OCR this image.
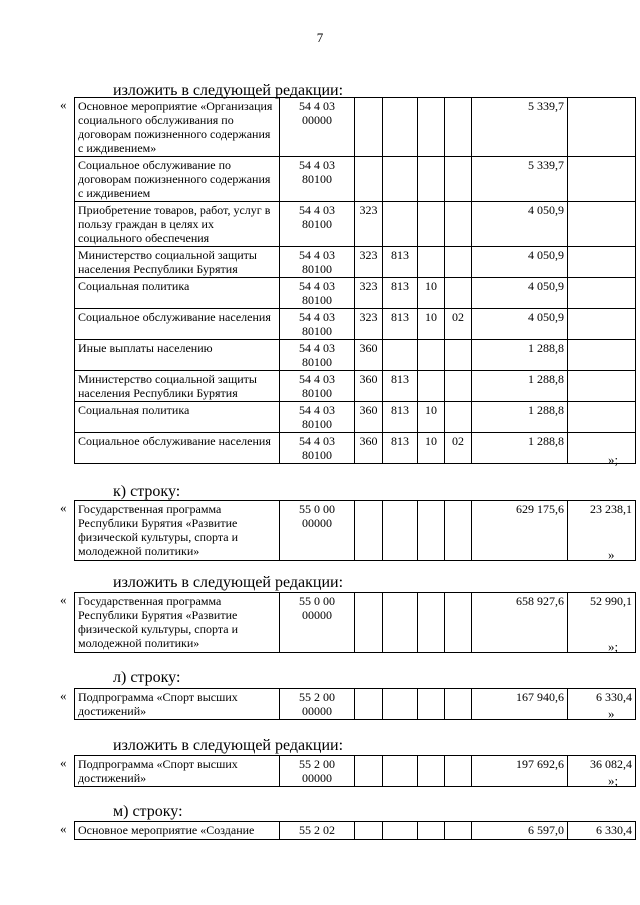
7
изложить в следующей редакции:
« Основное мероприятие «Организация социального обслуживания по договорам пожизненного содержания с иждивением»	54 4 03 00000					5 339,7	
Социальное обслуживание по договорам пожизненного содержания с иждивением	54 4 03 80100					5 339,7	
Приобретение товаров, работ, услуг в пользу граждан в целях их социального обеспечения	54 4 03 80100	323				4 050,9	
Министерство социальной защиты населения Республики Бурятия	54 4 03 80100	323	813			4 050,9	
Социальная политика	54 4 03 80100	323	813	10		4 050,9	
Социальное обслуживание населения	54 4 03 80100	323	813	10	02	4 050,9	
Иные выплаты населению	54 4 03 80100	360				1 288,8	
Министерство социальной защиты населения Республики Бурятия	54 4 03 80100	360	813			1 288,8	
Социальная политика	54 4 03 80100	360	813	10		1 288,8	
Социальное обслуживание населения	54 4 03 80100	360	813	10	02	1 288,8	
»;
к) строку:
« Государственная программа Республики Бурятия «Развитие физической культуры, спорта и молодежной политики»	55 0 00 00000					629 175,6	23 238,1
»
изложить в следующей редакции:
« Государственная программа Республики Бурятия «Развитие физической культуры, спорта и молодежной политики»	55 0 00 00000					658 927,6	52 990,1
»;
л) строку:
« Подпрограмма «Спорт высших достижений»	55 2 00 00000					167 940,6	6 330,4
»
изложить в следующей редакции:
« Подпрограмма «Спорт высших достижений»	55 2 00 00000					197 692,6	36 082,4
»;
м) строку:
« Основное мероприятие «Создание	55 2 02					6 597,0	6 330,4
